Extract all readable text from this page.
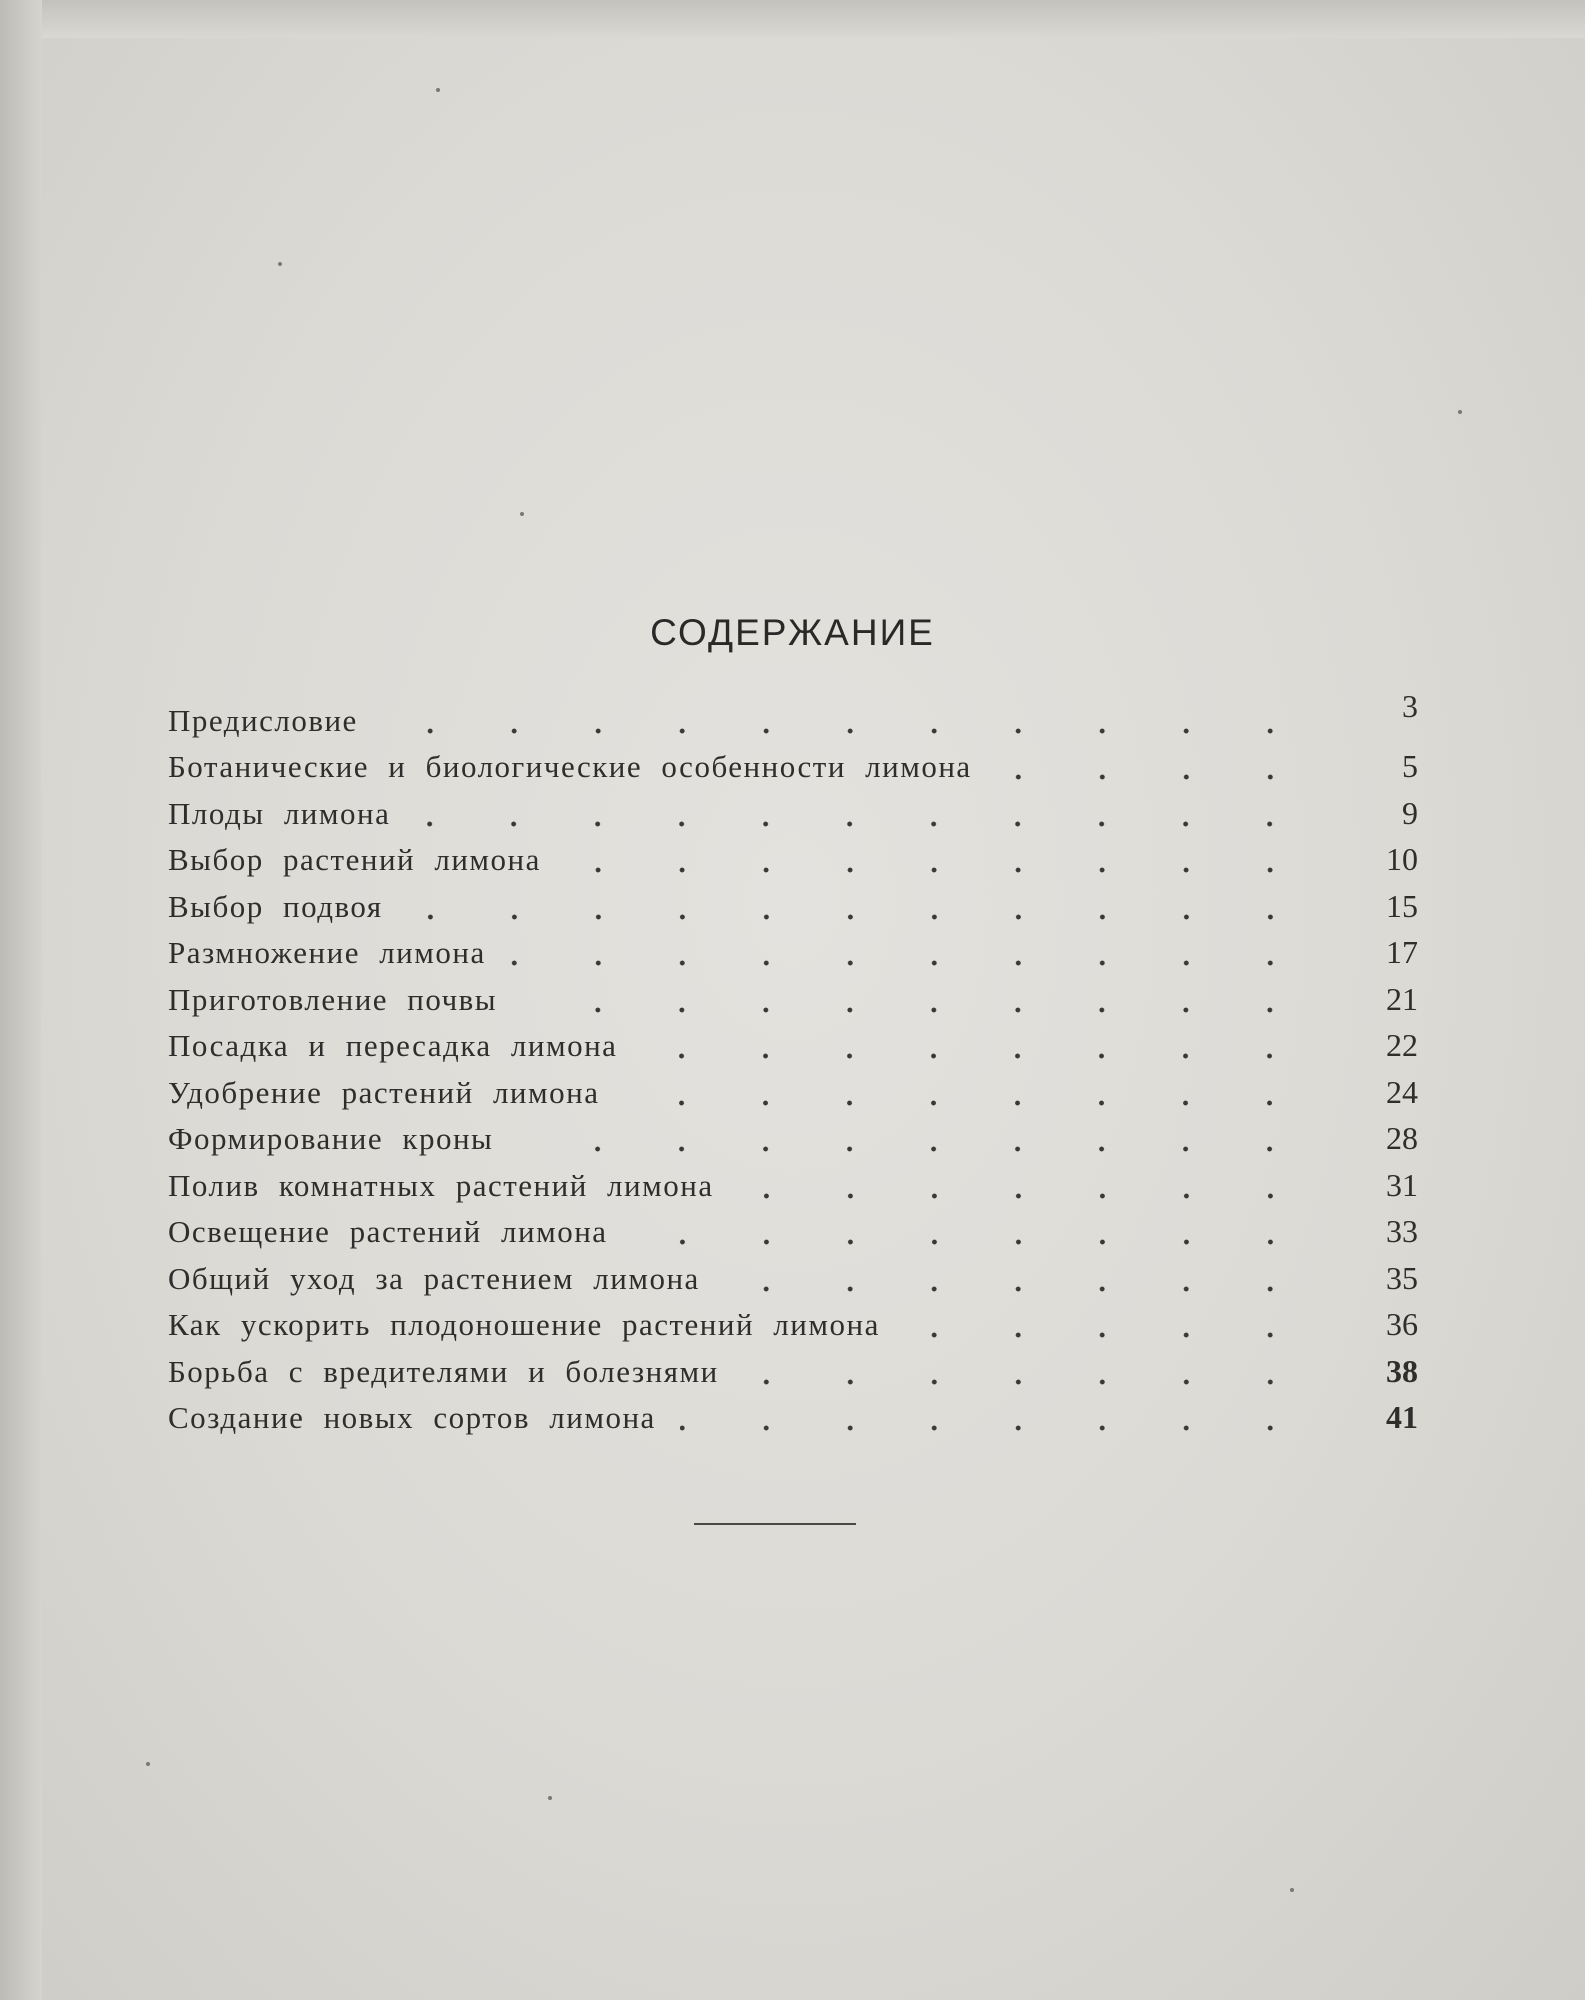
СОДЕРЖАНИЕ
Предисловие	3
Ботанические и биологические особенности лимона	5
Плоды лимона	9
Выбор растений лимона	10
Выбор подвоя	15
Размножение лимона	17
Приготовление почвы	21
Посадка и пересадка лимона	22
Удобрение растений лимона	24
Формирование кроны	28
Полив комнатных растений лимона	31
Освещение растений лимона	33
Общий уход за растением лимона	35
Как ускорить плодоношение растений лимона	36
Борьба с вредителями и болезнями	38
Создание новых сортов лимона	41
